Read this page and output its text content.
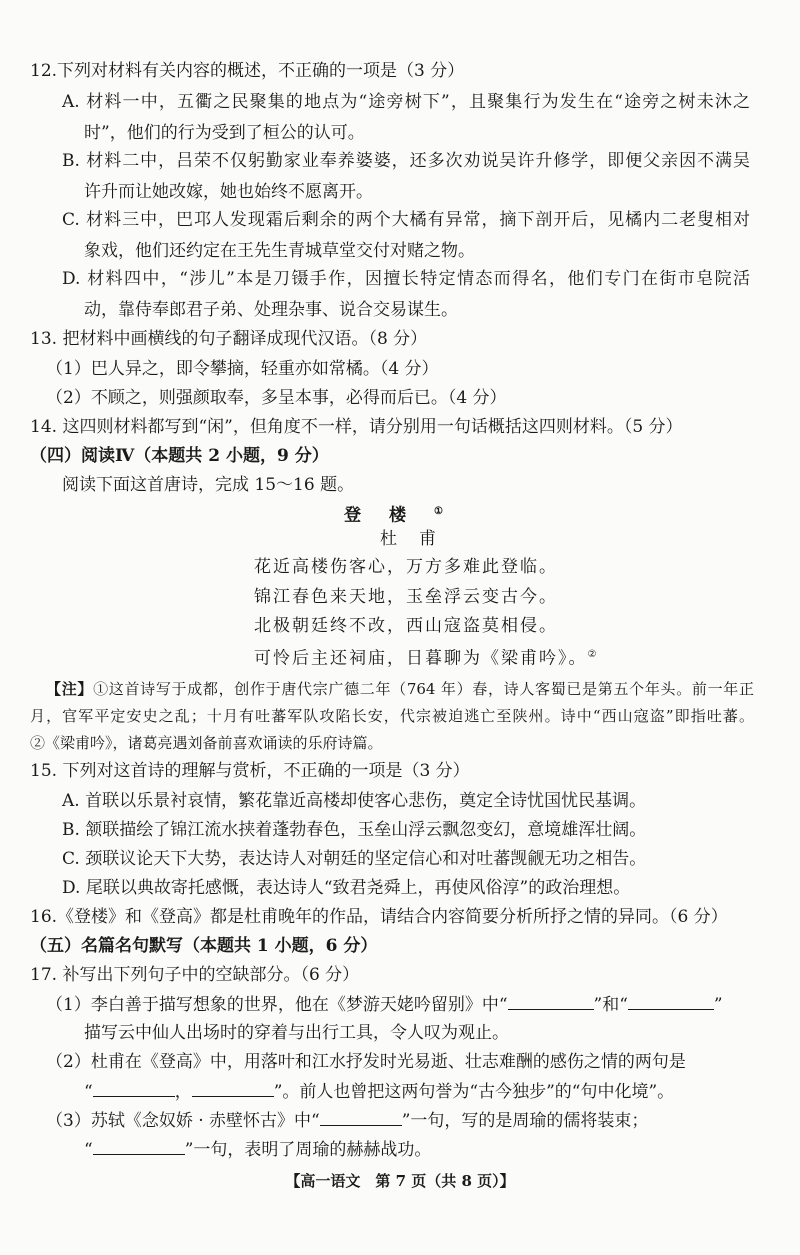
12.下列对材料有关内容的概述，不正确的一项是（3 分）
A. 材料一中，五衢之民聚集的地点为“途旁树下”，且聚集行为发生在“途旁之树未沐之
时”，他们的行为受到了桓公的认可。
B. 材料二中，吕荣不仅躬勤家业奉养婆婆，还多次劝说吴许升修学，即便父亲因不满吴
许升而让她改嫁，她也始终不愿离开。
C. 材料三中，巴邛人发现霜后剩余的两个大橘有异常，摘下剖开后，见橘内二老叟相对
象戏，他们还约定在王先生青城草堂交付对赌之物。
D. 材料四中，“涉儿”本是刀镊手作，因擅长特定情态而得名，他们专门在街市皂院活
动，靠侍奉郎君子弟、处理杂事、说合交易谋生。
13. 把材料中画横线的句子翻译成现代汉语。（8 分）
（1）巴人异之，即令攀摘，轻重亦如常橘。（4 分）
（2）不顾之，则强颜取奉，多呈本事，必得而后已。（4 分）
14. 这四则材料都写到“闲”，但角度不一样，请分别用一句话概括这四则材料。（5 分）
（四）阅读Ⅳ（本题共 2 小题，9 分）
阅读下面这首唐诗，完成 15～16 题。
登楼①
杜甫
花近高楼伤客心，万方多难此登临。
锦江春色来天地，玉垒浮云变古今。
北极朝廷终不改，西山寇盗莫相侵。
可怜后主还祠庙，日暮聊为《梁甫吟》。②
【注】①这首诗写于成都，创作于唐代宗广德二年（764 年）春，诗人客蜀已是第五个年头。前一年正
月，官军平定安史之乱；十月有吐蕃军队攻陷长安，代宗被迫逃亡至陕州。诗中“西山寇盗”即指吐蕃。
②《梁甫吟》，诸葛亮遇刘备前喜欢诵读的乐府诗篇。
15. 下列对这首诗的理解与赏析，不正确的一项是（3 分）
A. 首联以乐景衬哀情，繁花靠近高楼却使客心悲伤，奠定全诗忧国忧民基调。
B. 颔联描绘了锦江流水挟着蓬勃春色，玉垒山浮云飘忽变幻，意境雄浑壮阔。
C. 颈联议论天下大势，表达诗人对朝廷的坚定信心和对吐蕃觊觎无功之相告。
D. 尾联以典故寄托感慨，表达诗人“致君尧舜上，再使风俗淳”的政治理想。
16.《登楼》和《登高》都是杜甫晚年的作品，请结合内容简要分析所抒之情的异同。（6 分）
（五）名篇名句默写（本题共 1 小题，6 分）
17. 补写出下列句子中的空缺部分。（6 分）
（1）李白善于描写想象的世界，他在《梦游天姥吟留别》中“	”和“	”
描写云中仙人出场时的穿着与出行工具，令人叹为观止。
（2）杜甫在《登高》中，用落叶和江水抒发时光易逝、壮志难酬的感伤之情的两句是
“	，	”。前人也曾把这两句誉为“古今独步”的“句中化境”。
（3）苏轼《念奴娇 · 赤壁怀古》中“	”一句，写的是周瑜的儒将装束；
“	”一句，表明了周瑜的赫赫战功。
【高一语文　第 7 页（共 8 页）】
